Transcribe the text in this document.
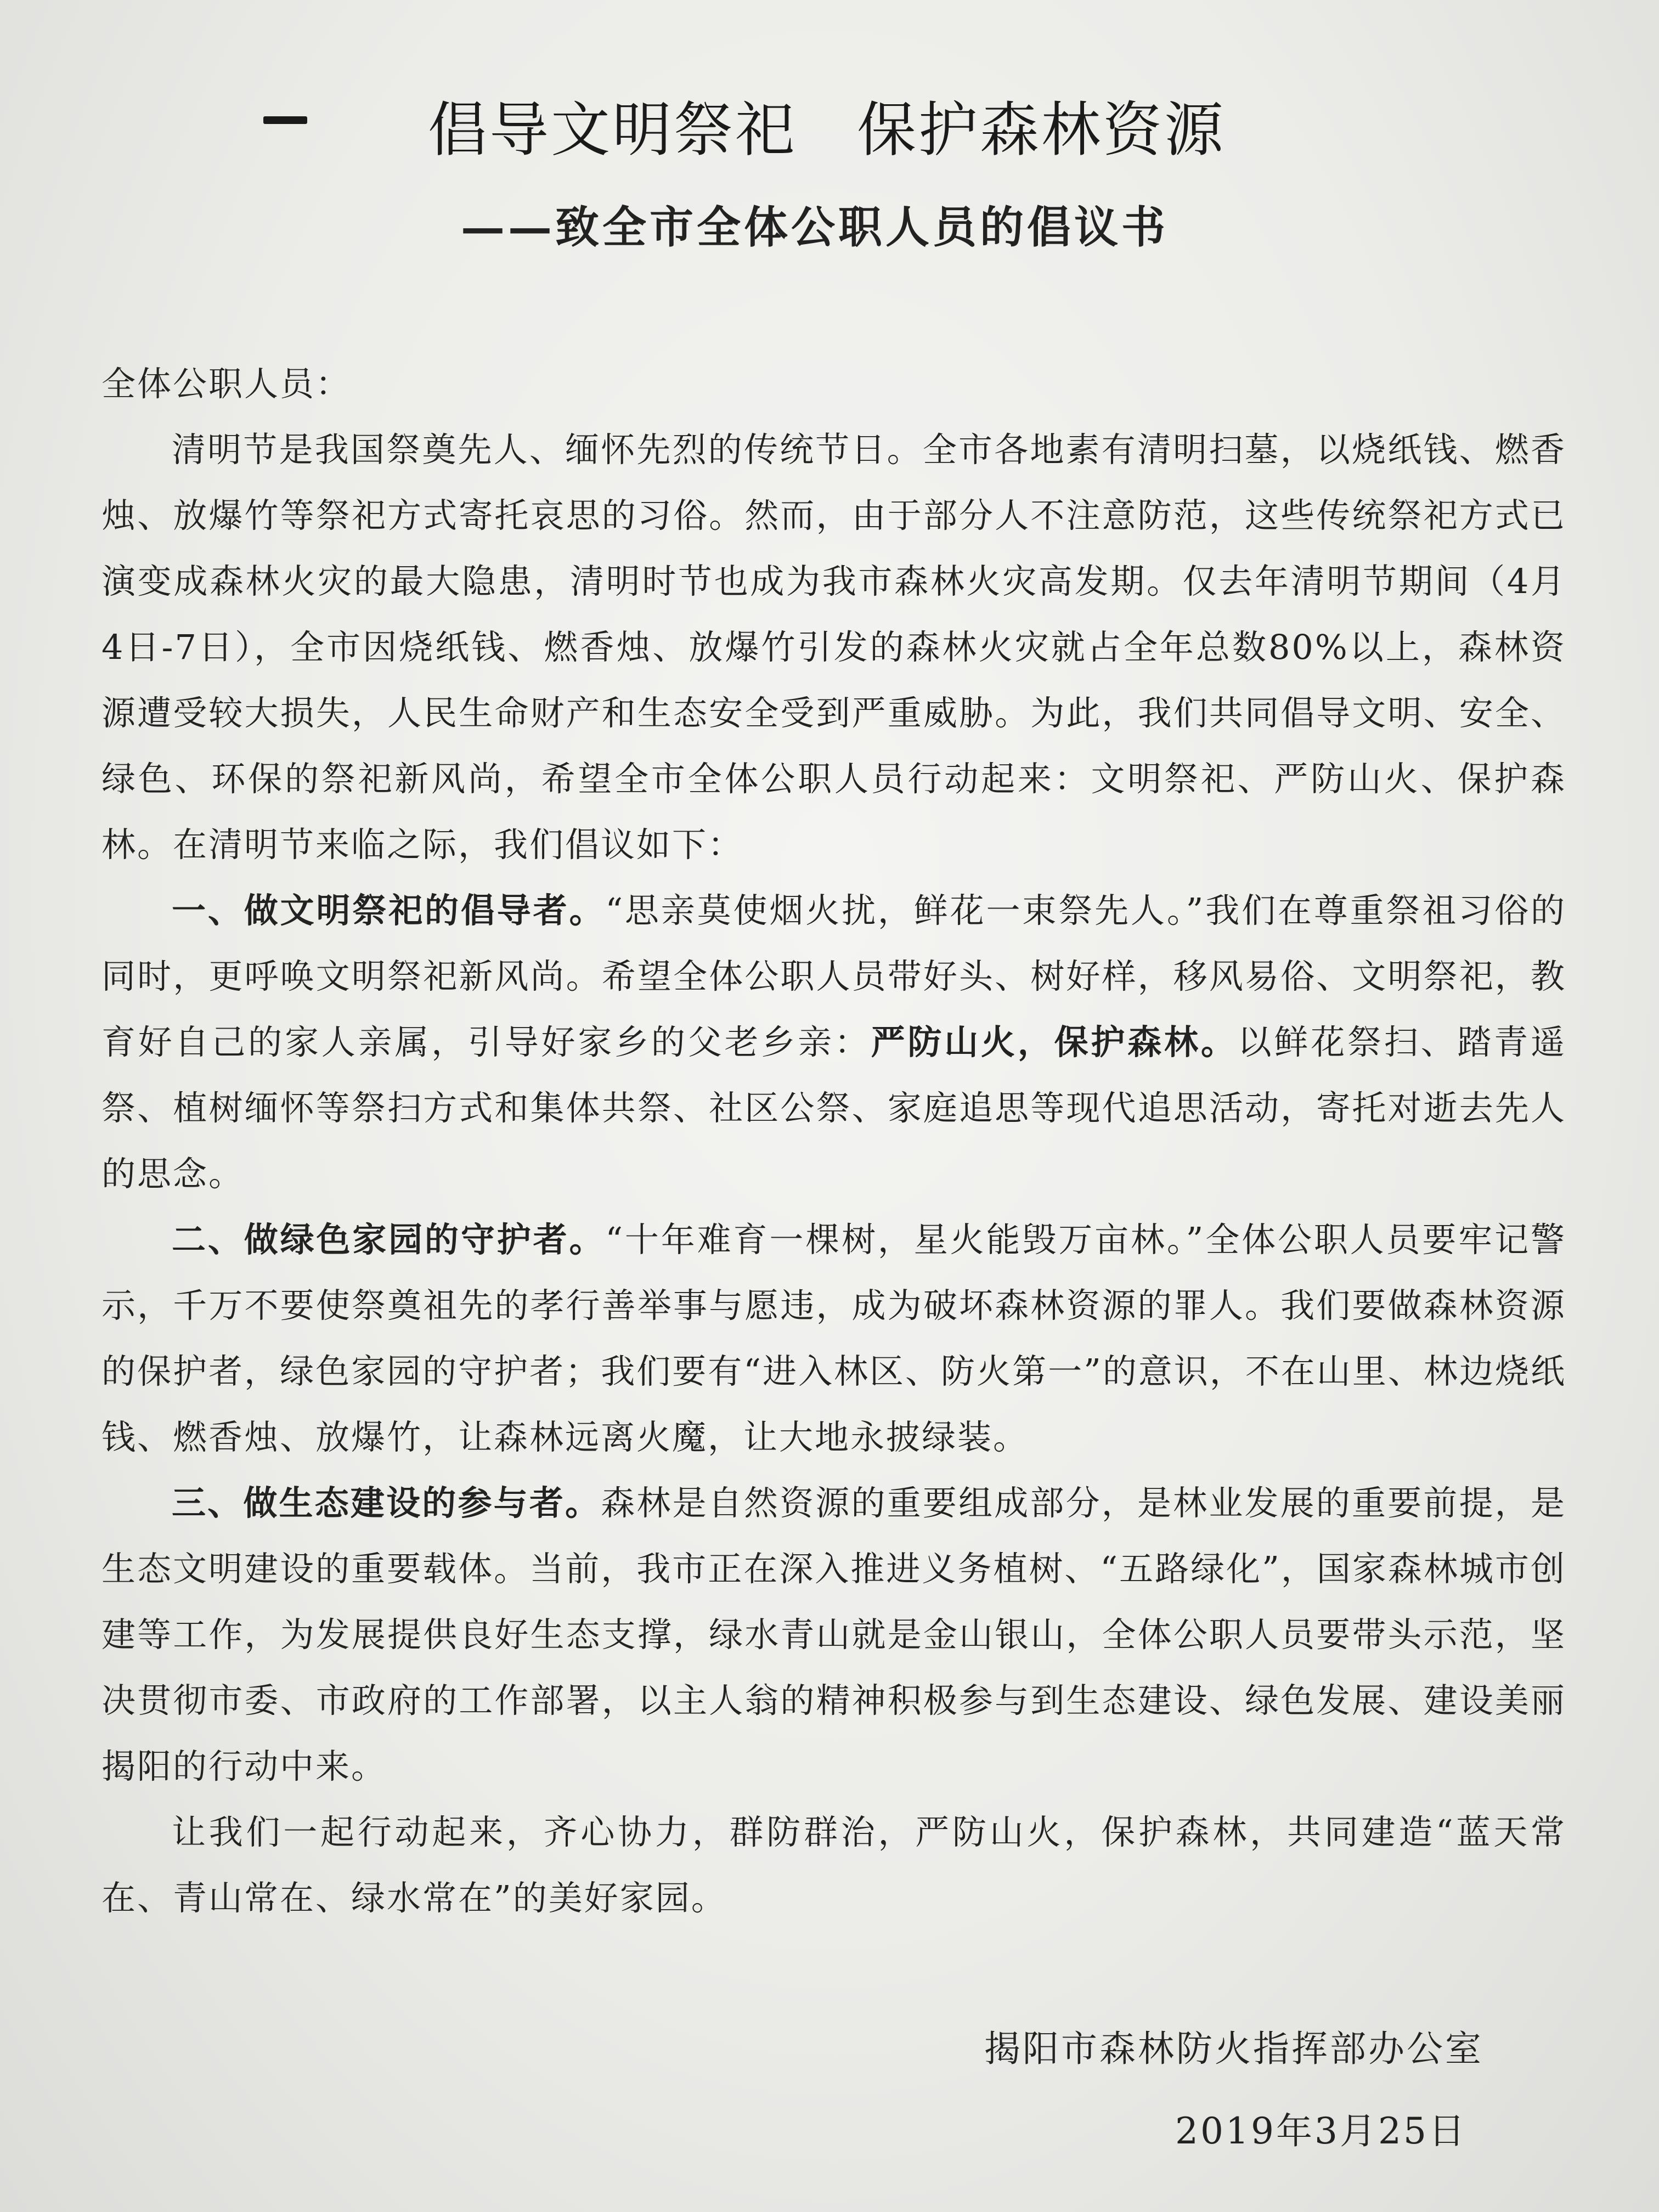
倡导文明祭祀 保护森林资源
——致全市全体公职人员的倡议书

全体公职人员：

清明节是我国祭奠先人、缅怀先烈的传统节日。全市各地素有清明扫墓，以烧纸钱、燃香烛、放爆竹等祭祀方式寄托哀思的习俗。然而，由于部分人不注意防范，这些传统祭祀方式已演变成森林火灾的最大隐患，清明时节也成为我市森林火灾高发期。仅去年清明节期间（4月4日-7日），全市因烧纸钱、燃香烛、放爆竹引发的森林火灾就占全年总数80%以上，森林资源遭受较大损失，人民生命财产和生态安全受到严重威胁。为此，我们共同倡导文明、安全、绿色、环保的祭祀新风尚，希望全市全体公职人员行动起来：文明祭祀、严防山火、保护森林。在清明节来临之际，我们倡议如下：

一、做文明祭祀的倡导者。“思亲莫使烟火扰，鲜花一束祭先人。”我们在尊重祭祖习俗的同时，更呼唤文明祭祀新风尚。希望全体公职人员带好头、树好样，移风易俗、文明祭祀，教育好自己的家人亲属，引导好家乡的父老乡亲：严防山火，保护森林。以鲜花祭扫、踏青遥祭、植树缅怀等祭扫方式和集体共祭、社区公祭、家庭追思等现代追思活动，寄托对逝去先人的思念。

二、做绿色家园的守护者。“十年难育一棵树，星火能毁万亩林。”全体公职人员要牢记警示，千万不要使祭奠祖先的孝行善举事与愿违，成为破坏森林资源的罪人。我们要做森林资源的保护者，绿色家园的守护者；我们要有“进入林区、防火第一”的意识，不在山里、林边烧纸钱、燃香烛、放爆竹，让森林远离火魔，让大地永披绿装。

三、做生态建设的参与者。森林是自然资源的重要组成部分，是林业发展的重要前提，是生态文明建设的重要载体。当前，我市正在深入推进义务植树、“五路绿化”，国家森林城市创建等工作，为发展提供良好生态支撑，绿水青山就是金山银山，全体公职人员要带头示范，坚决贯彻市委、市政府的工作部署，以主人翁的精神积极参与到生态建设、绿色发展、建设美丽揭阳的行动中来。

让我们一起行动起来，齐心协力，群防群治，严防山火，保护森林，共同建造“蓝天常在、青山常在、绿水常在”的美好家园。

揭阳市森林防火指挥部办公室
2019年3月25日
